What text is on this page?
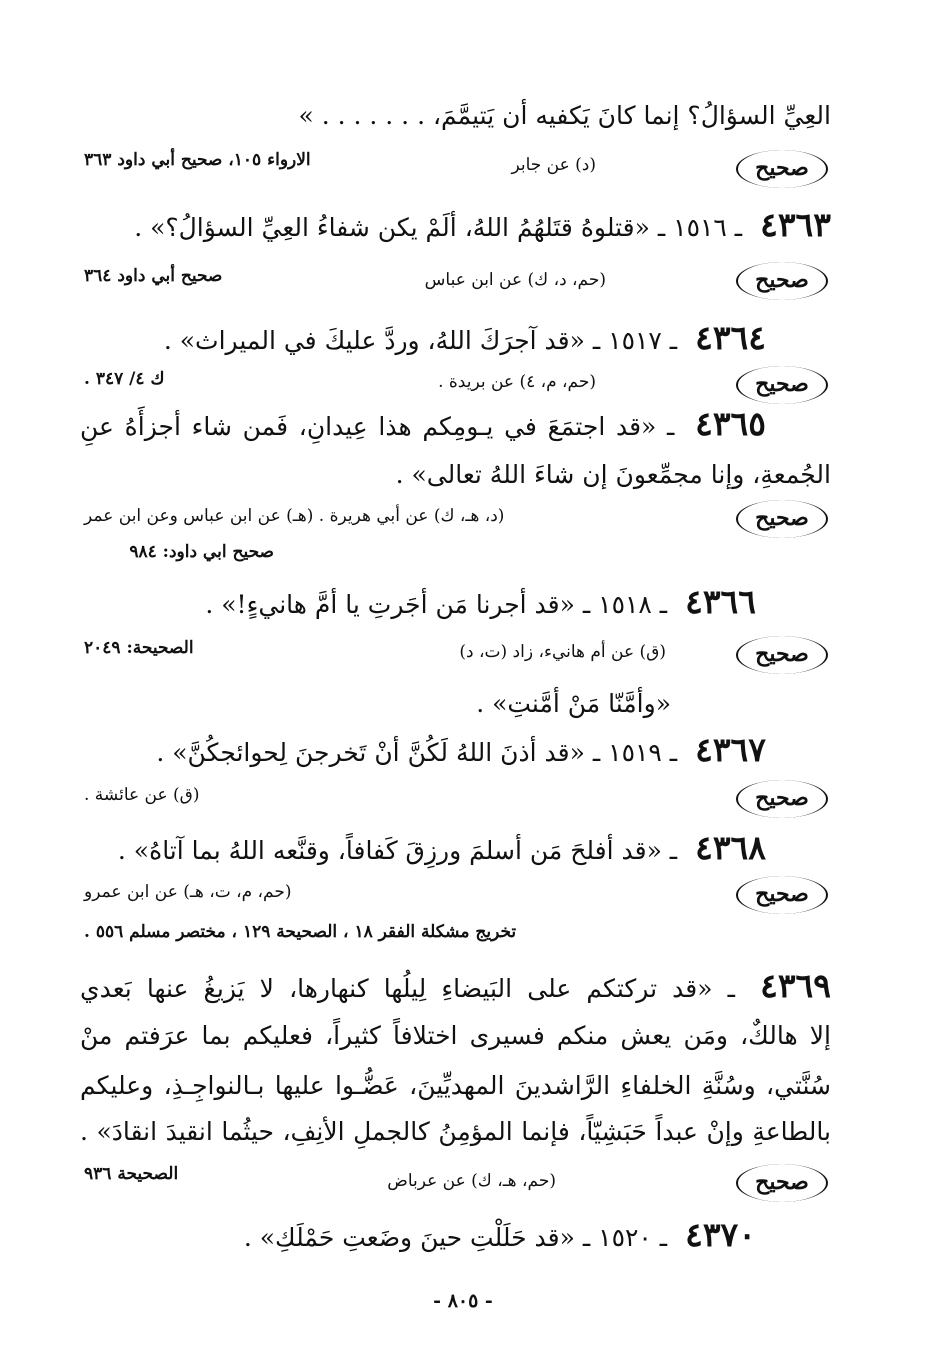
العِيِّ السؤالُ؟ إنما كانَ يَكفيه أن يَتيمَّمَ، . . . . . . . »
صحيح
(د) عن جابر
الارواء ١٠٥، صحيح أبي داود ٣٦٣
٤٣٦٣ ـ ١٥١٦ ـ «قتلوهُ قتَلهُمُ اللهُ، ألَمْ يكن شفاءُ العِيِّ السؤالُ؟» .
صحيح
(حم، د، ك) عن ابن عباس
صحيح أبي داود ٣٦٤
٤٣٦٤ ـ ١٥١٧ ـ «قد آجرَكَ اللهُ، وردَّ عليكَ في الميراث» .
صحيح
(حم، م، ٤) عن بريدة .
ك ٤/ ٣٤٧ .
٤٣٦٥ ـ «قد اجتمَعَ في يـومِكم هذا عِيدانِ، فَمن شاء أجزأَهُ عنِ
الجُمعةِ، وإنا مجمِّعونَ إن شاءَ اللهُ تعالى» .
صحيح
(د، هـ، ك) عن أبي هريرة . (هـ) عن ابن عباس وعن ابن عمر
صحيح ابي داود: ٩٨٤
٤٣٦٦ ـ ١٥١٨ ـ «قد أجرنا مَن أجَرتِ يا أمَّ هانيءٍ!» .
صحيح
(ق) عن أم هانيء، زاد (ت، د)
الصحيحة: ٢٠٤٩
«وأمَّنّا مَنْ أمَّنتِ» .
٤٣٦٧ ـ ١٥١٩ ـ «قد أذنَ اللهُ لَكُنَّ أنْ تَخرجنَ لِحوائجكُنَّ» .
صحيح
(ق) عن عائشة .
٤٣٦٨ ـ «قد أفلحَ مَن أسلمَ ورزِقَ كَفافاً، وقنَّعه اللهُ بما آتاهُ» .
صحيح
(حم، م، ت، هـ) عن ابن عمرو
تخريج مشكلة الفقر ١٨ ، الصحيحة ١٢٩ ، مختصر مسلم ٥٥٦ .
٤٣٦٩ ـ «قد تركتكم على البَيضاءِ لِيلُها كنهارها، لا يَزيغُ عنها بَعدي
إلا هالكٌ، ومَن يعش منكم فسيرى اختلافاً كثيراً، فعليكم بما عرَفتم منْ
سُنَّتي، وسُنَّةِ الخلفاءِ الرَّاشدينَ المهديِّينَ، عَضُّـوا عليها بـالنواجِـذِ، وعليكم
بالطاعةِ وإنْ عبداً حَبَشِيّاً، فإنما المؤمِنُ كالجملِ الأنِفِ، حيثُما انقيدَ انقادَ» .
صحيح
(حم، هـ، ك) عن عرباض
الصحيحة ٩٣٦
٤٣٧٠ ـ ١٥٢٠ ـ «قد حَلَلْتِ حينَ وضَعتِ حَمْلَكِ» .
- ٨٠٥ -
